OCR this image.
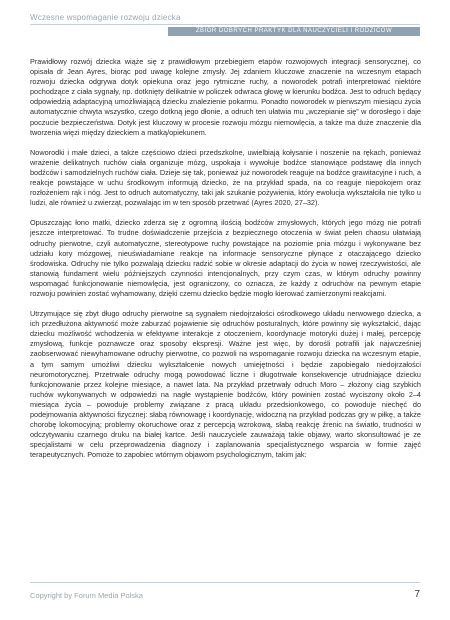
Wczesne wspomaganie rozwoju dziecka
ZBIÓR DOBRYCH PRAKTYK DLA NAUCZYCIELI I RODZICÓW

Prawidłowy rozwój dziecka wiąże się z prawidłowym przebiegiem etapów rozwojowych integracji sensorycznej, co opisała dr Jean Ayres, biorąc pod uwagę kolejne zmysły. Jej zdaniem kluczowe znaczenie na wczesnym etapach rozwoju dziecka odgrywa dotyk opiekuna oraz jego rytmiczne ruchy, a noworodek potrafi interpretować niektóre pochodzące z ciała sygnały, np. dotknięty delikatnie w policzek odwraca głowę w kierunku bodźca. Jest to odruch będący odpowiedzią adaptacyjną umożliwiającą dziecku znalezienie pokarmu. Ponadto noworodek w pierwszym miesiącu życia automatycznie chwyta wszystko, czego dotkną jego dłonie, a odruch ten ułatwia mu „wczepianie się” w dorosłego i daje poczucie bezpieczeństwa. Dotyk jest kluczowy w procesie rozwoju mózgu niemowlęcia, a także ma duże znaczenie dla tworzenia więzi między dzieckiem a matką/opiekunem.

Noworodki i małe dzieci, a także częściowo dzieci przedszkolne, uwielbiają kołysanie i noszenie na rękach, ponieważ wrażenie delikatnych ruchów ciała organizuje mózg, uspokaja i wywołuje bodźce stanowiące podstawę dla innych bodźców i samodzielnych ruchów ciała. Dzieje się tak, ponieważ już noworodek reaguje na bodźce grawitacyjne i ruch, a reakcje powstające w uchu środkowym informują dziecko, że na przykład spada, na co reaguje niepokojem oraz rozłożeniem rąk i nóg. Jest to odruch automatyczny, taki jak szukanie pożywienia, który ewolucja wykształciła nie tylko u ludzi, ale również u zwierząt, pozwalając im w ten sposób przetrwać (Ayres 2020, 27–32).

Opuszczając łono matki, dziecko zderza się z ogromną ilością bodźców zmysłowych, których jego mózg nie potrafi jeszcze interpretować. To trudne doświadczenie przejścia z bezpiecznego otoczenia w świat pełen chaosu ułatwiają odruchy pierwotne, czyli automatyczne, stereotypowe ruchy powstające na poziomie pnia mózgu i wykonywane bez udziału kory mózgowej, nieuświadamiane reakcje na informacje sensoryczne płynące z otaczającego dziecko środowiska. Odruchy nie tylko pozwalają dziecku radzić sobie w okresie adaptacji do życia w nowej rzeczywistości, ale stanowią fundament wielu późniejszych czynności intencjonalnych, przy czym czas, w którym odruchy powinny wspomagać funkcjonowanie niemowlęcia, jest ograniczony, co oznacza, że każdy z odruchów na pewnym etapie rozwoju powinien zostać wyhamowany, dzięki czemu dziecko będzie mogło kierować zamierzonymi reakcjami.

Utrzymujące się zbyt długo odruchy pierwotne są sygnałem niedojrzałości ośrodkowego układu nerwowego dziecka, a ich przedłużona aktywność może zaburzać pojawienie się odruchów posturalnych, które powinny się wykształcić, dając dziecku możliwość wchodzenia w efektywne interakcje z otoczeniem, koordynacje motoryki dużej i małej, percepcję zmysłową, funkcje poznawcze oraz sposoby ekspresji. Ważne jest więc, by dorośli potrafili jak najwcześniej zaobserwować niewyhamowane odruchy pierwotne, co pozwoli na wspomaganie rozwoju dziecka na wczesnym etapie, a tym samym umożliwi dziecku wykształcenie nowych umiejętności i będzie zapobiegało niedojrzałości neuromotorycznej. Przetrwałe odruchy mogą powodować liczne i długotrwałe konsekwencje utrudniające dziecku funkcjonowanie przez kolejne miesiące, a nawet lata. Na przykład przetrwały odruch Moro – złożony ciąg szybkich ruchów wykonywanych w odpowiedzi na nagłe wystąpienie bodźców, który powinien zostać wyciszony około 2–4 miesiąca życia – powoduje problemy związane z pracą układu przedsionkowego, co powoduje niechęć do podejmowania aktywności fizycznej: słabą równowagę i koordynację, widoczną na przykład podczas gry w piłkę, a także chorobę lokomocyjną; problemy okoruchowe oraz z percepcją wzrokową, słabą reakcję źrenic na światło, trudności w odczytywaniu czarnego druku na białej kartce. Jeśli nauczyciele zauważają takie objawy, warto skonsultować je ze specjalistami w celu przeprowadzenia diagnozy i zaplanowania specjalistycznego wsparcia w formie zajęć terapeutycznych. Pomoże to zapobiec wtórnym objawom psychologicznym, takim jak:

Copyright by Forum Media Polska	7
